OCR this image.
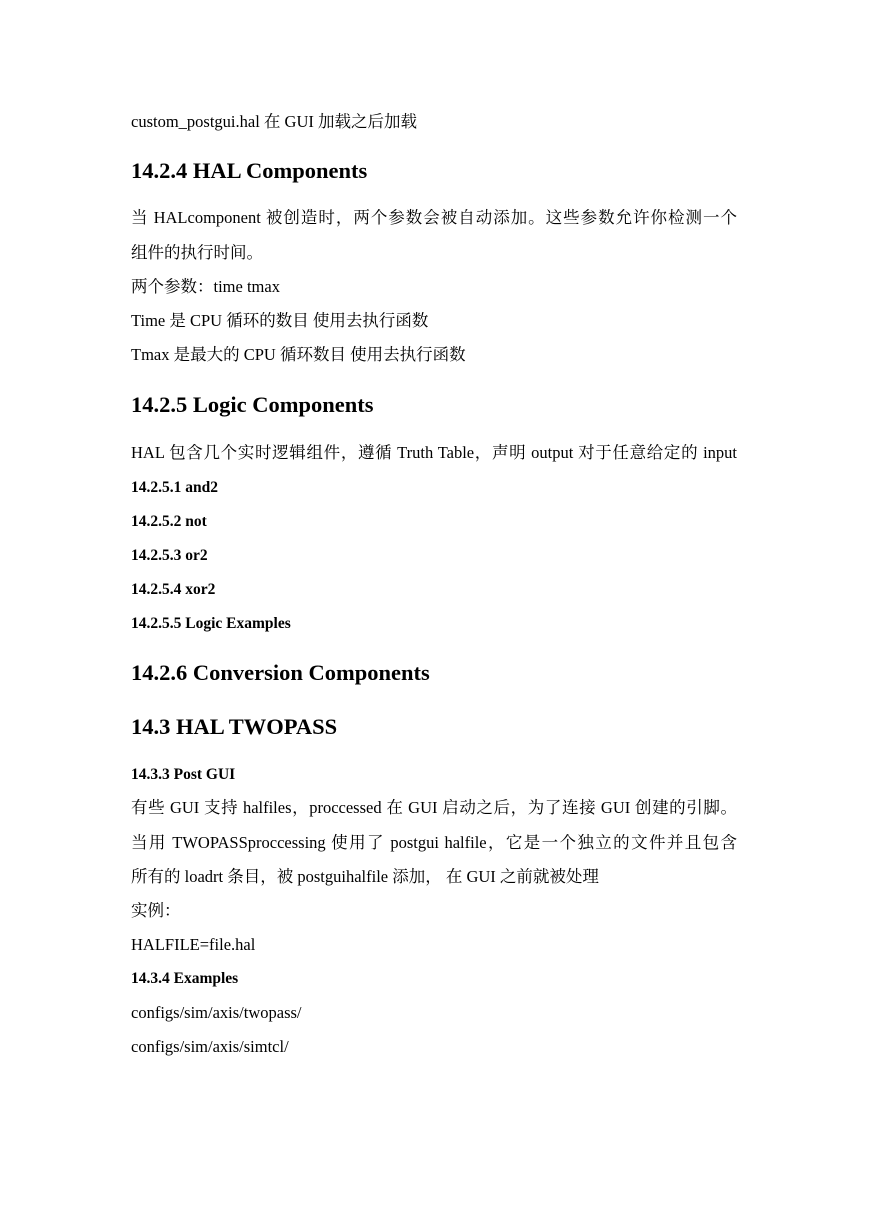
custom_postgui.hal 在 GUI 加载之后加载

14.2.4 HAL Components

当 HALcomponent 被创造时，两个参数会被自动添加。这些参数允许你检测一个

组件的执行时间。

两个参数：time tmax

Time 是 CPU 循环的数目 使用去执行函数

Tmax 是最大的 CPU 循环数目 使用去执行函数

14.2.5 Logic Components

HAL 包含几个实时逻辑组件，遵循 Truth Table，声明 output 对于任意给定的 input

14.2.5.1 and2
14.2.5.2 not
14.2.5.3 or2
14.2.5.4 xor2
14.2.5.5 Logic Examples
14.2.6 Conversion Components
14.3 HAL TWOPASS
14.3.3 Post GUI

有些 GUI 支持 halfiles，proccessed 在 GUI 启动之后，为了连接 GUI 创建的引脚。

当用 TWOPASSproccessing 使用了 postgui halfile，它是一个独立的文件并且包含

所有的 loadrt 条目，被 postguihalfile 添加， 在 GUI 之前就被处理

实例：

HALFILE=file.hal

14.3.4 Examples

configs/sim/axis/twopass/

configs/sim/axis/simtcl/
